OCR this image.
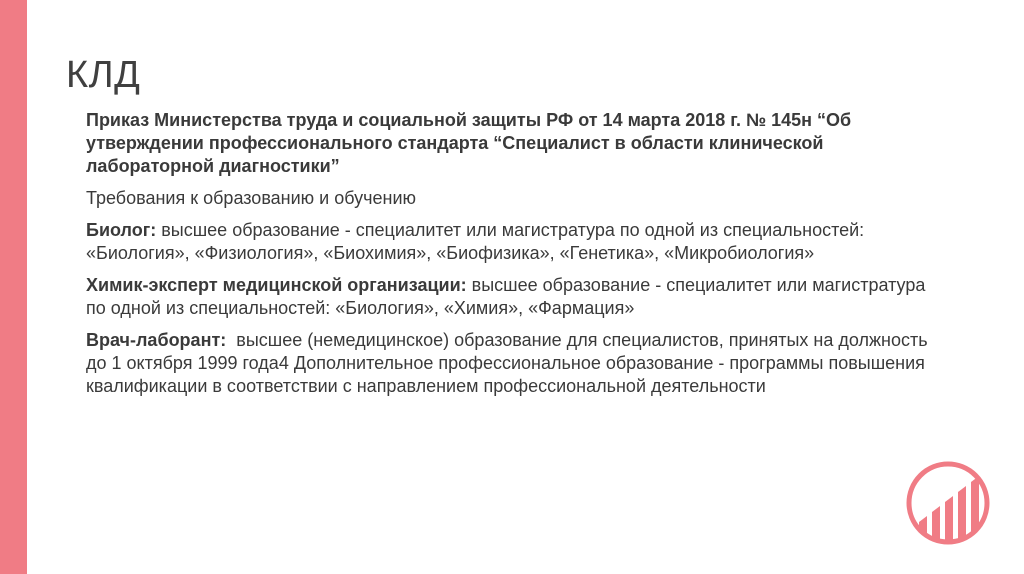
КЛД

Приказ Министерства труда и социальной защиты РФ от 14 марта 2018 г. № 145н “Об утверждении профессионального стандарта “Специалист в области клинической лабораторной диагностики”

Требования к образованию и обучению

Биолог: высшее образование - специалитет или магистратура по одной из специальностей: «Биология», «Физиология», «Биохимия», «Биофизика», «Генетика», «Микробиология»

Химик-эксперт медицинской организации: высшее образование - специалитет или магистратура по одной из специальностей: «Биология», «Химия», «Фармация»

Врач-лаборант:  высшее (немедицинское) образование для специалистов, принятых на должность до 1 октября 1999 года4 Дополнительное профессиональное образование - программы повышения квалификации в соответствии с направлением профессиональной деятельности
